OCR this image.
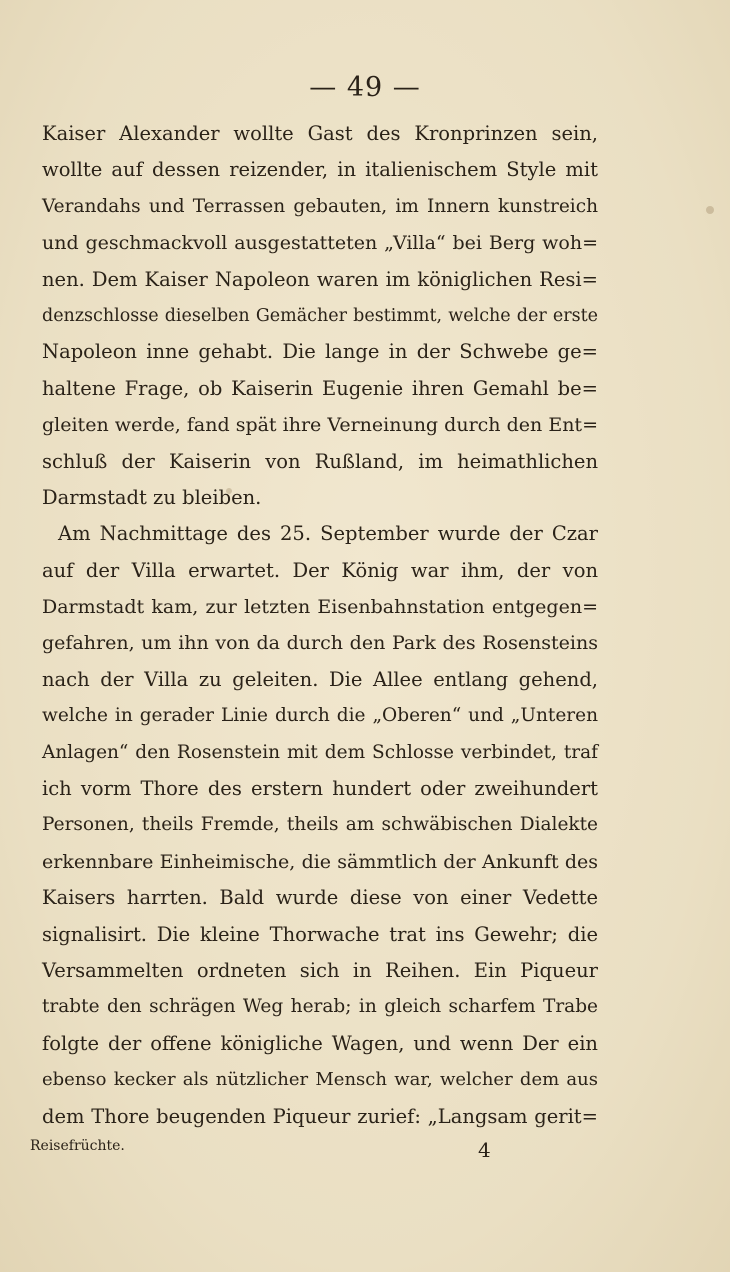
— 49 —
Kaiser Alexander wollte Gast des Kronprinzen sein,
wollte auf dessen reizender, in italienischem Style mit
Verandahs und Terrassen gebauten, im Innern kunstreich
und geschmackvoll ausgestatteten „Villa“ bei Berg woh=
nen. Dem Kaiser Napoleon waren im königlichen Resi=
denzschlosse dieselben Gemächer bestimmt, welche der erste
Napoleon inne gehabt. Die lange in der Schwebe ge=
haltene Frage, ob Kaiserin Eugenie ihren Gemahl be=
gleiten werde, fand spät ihre Verneinung durch den Ent=
schluß der Kaiserin von Rußland, im heimathlichen
Darmstadt zu bleiben.
Am Nachmittage des 25. September wurde der Czar
auf der Villa erwartet. Der König war ihm, der von
Darmstadt kam, zur letzten Eisenbahnstation entgegen=
gefahren, um ihn von da durch den Park des Rosensteins
nach der Villa zu geleiten. Die Allee entlang gehend,
welche in gerader Linie durch die „Oberen“ und „Unteren
Anlagen“ den Rosenstein mit dem Schlosse verbindet, traf
ich vorm Thore des erstern hundert oder zweihundert
Personen, theils Fremde, theils am schwäbischen Dialekte
erkennbare Einheimische, die sämmtlich der Ankunft des
Kaisers harrten. Bald wurde diese von einer Vedette
signalisirt. Die kleine Thorwache trat ins Gewehr; die
Versammelten ordneten sich in Reihen. Ein Piqueur
trabte den schrägen Weg herab; in gleich scharfem Trabe
folgte der offene königliche Wagen, und wenn Der ein
ebenso kecker als nützlicher Mensch war, welcher dem aus
dem Thore beugenden Piqueur zurief: „Langsam gerit=
Reisefrüchte.	4
